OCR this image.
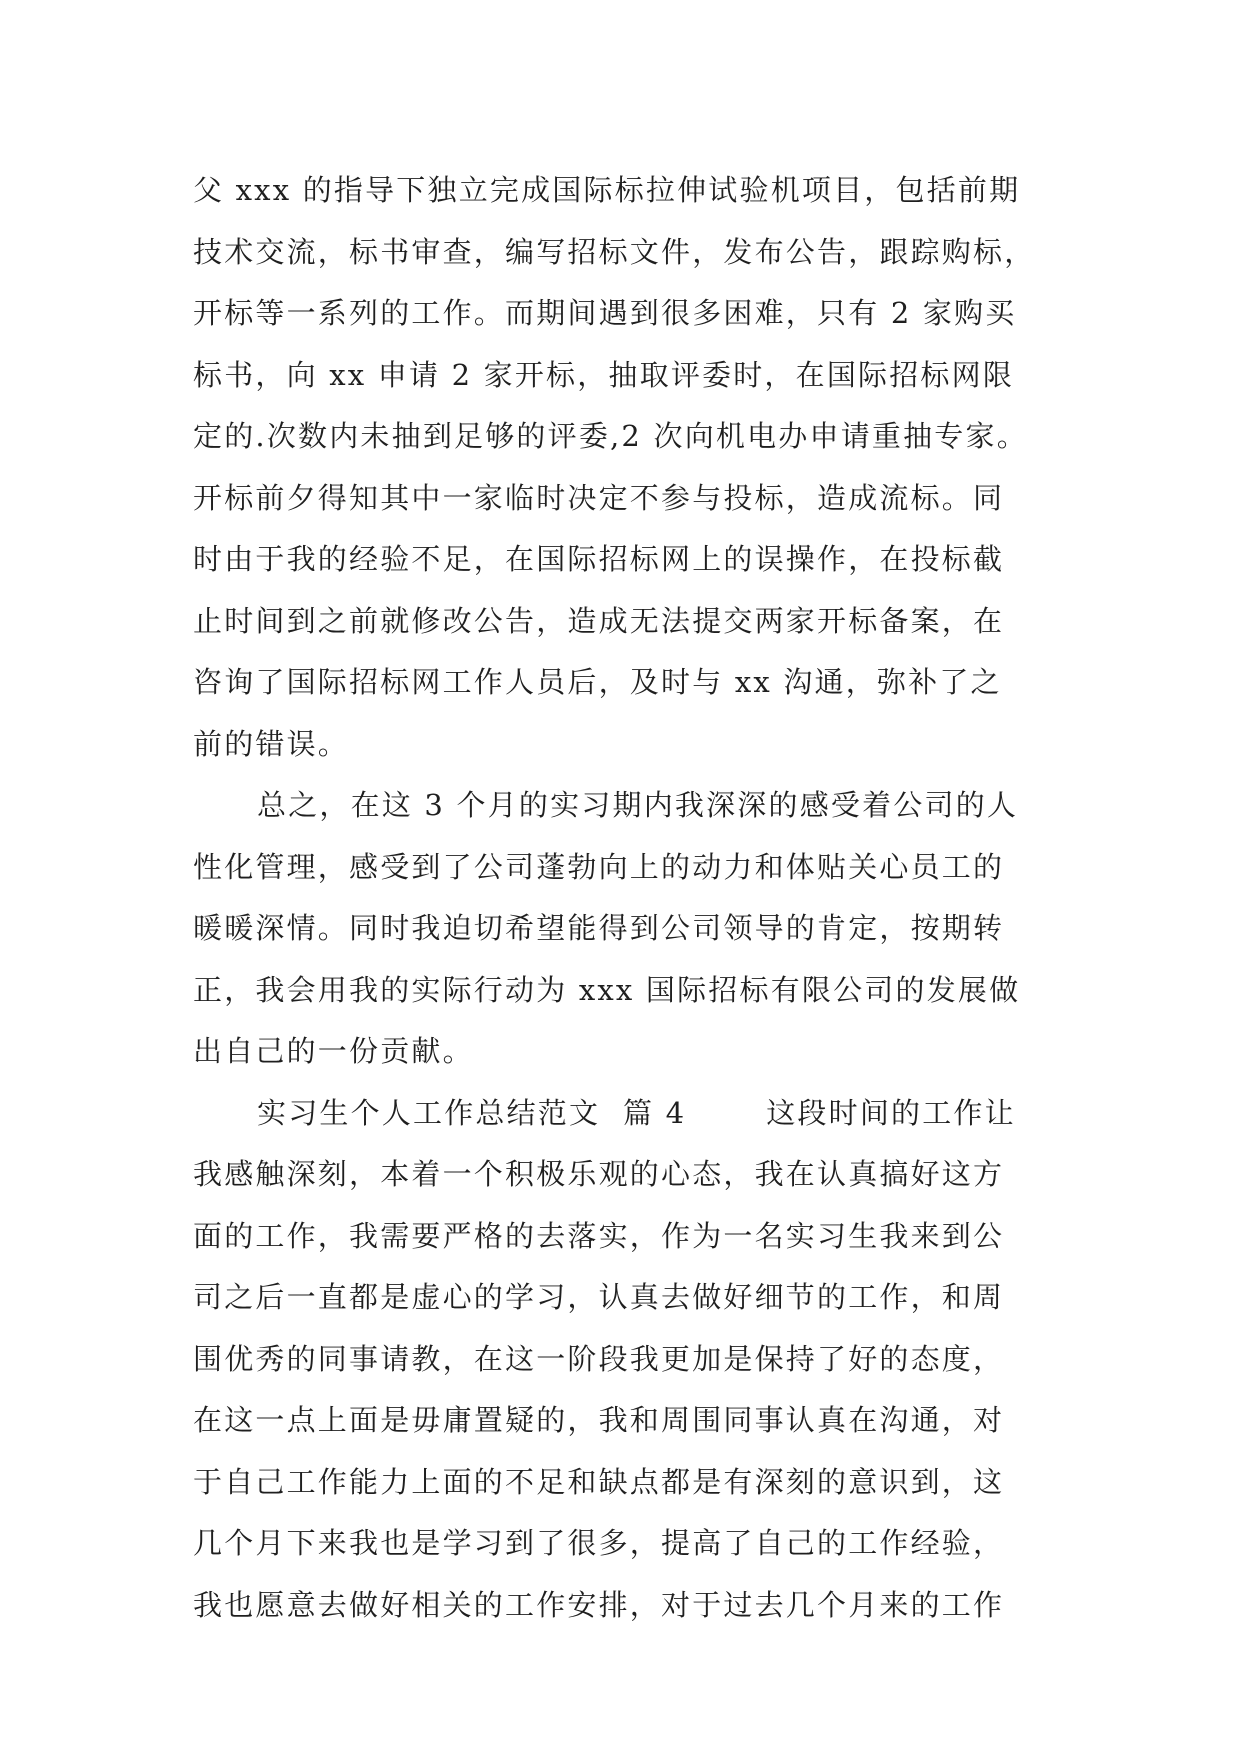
父 xxx 的指导下独立完成国际标拉伸试验机项目，包括前期
技术交流，标书审查，编写招标文件，发布公告，跟踪购标，
开标等一系列的工作。而期间遇到很多困难，只有 2 家购买
标书，向 xx 申请 2 家开标，抽取评委时，在国际招标网限
定的.次数内未抽到足够的评委,2 次向机电办申请重抽专家。
开标前夕得知其中一家临时决定不参与投标，造成流标。同
时由于我的经验不足，在国际招标网上的误操作，在投标截
止时间到之前就修改公告，造成无法提交两家开标备案，在
咨询了国际招标网工作人员后，及时与 xx 沟通，弥补了之
前的错误。
总之，在这 3 个月的实习期内我深深的感受着公司的人
性化管理，感受到了公司蓬勃向上的动力和体贴关心员工的
暖暖深情。同时我迫切希望能得到公司领导的肯定，按期转
正，我会用我的实际行动为 xxx 国际招标有限公司的发展做
出自己的一份贡献。
实习生个人工作总结范文  篇 4       这段时间的工作让
我感触深刻，本着一个积极乐观的心态，我在认真搞好这方
面的工作，我需要严格的去落实，作为一名实习生我来到公
司之后一直都是虚心的学习，认真去做好细节的工作，和周
围优秀的同事请教，在这一阶段我更加是保持了好的态度，
在这一点上面是毋庸置疑的，我和周围同事认真在沟通，对
于自己工作能力上面的不足和缺点都是有深刻的意识到，这
几个月下来我也是学习到了很多，提高了自己的工作经验，
我也愿意去做好相关的工作安排，对于过去几个月来的工作
